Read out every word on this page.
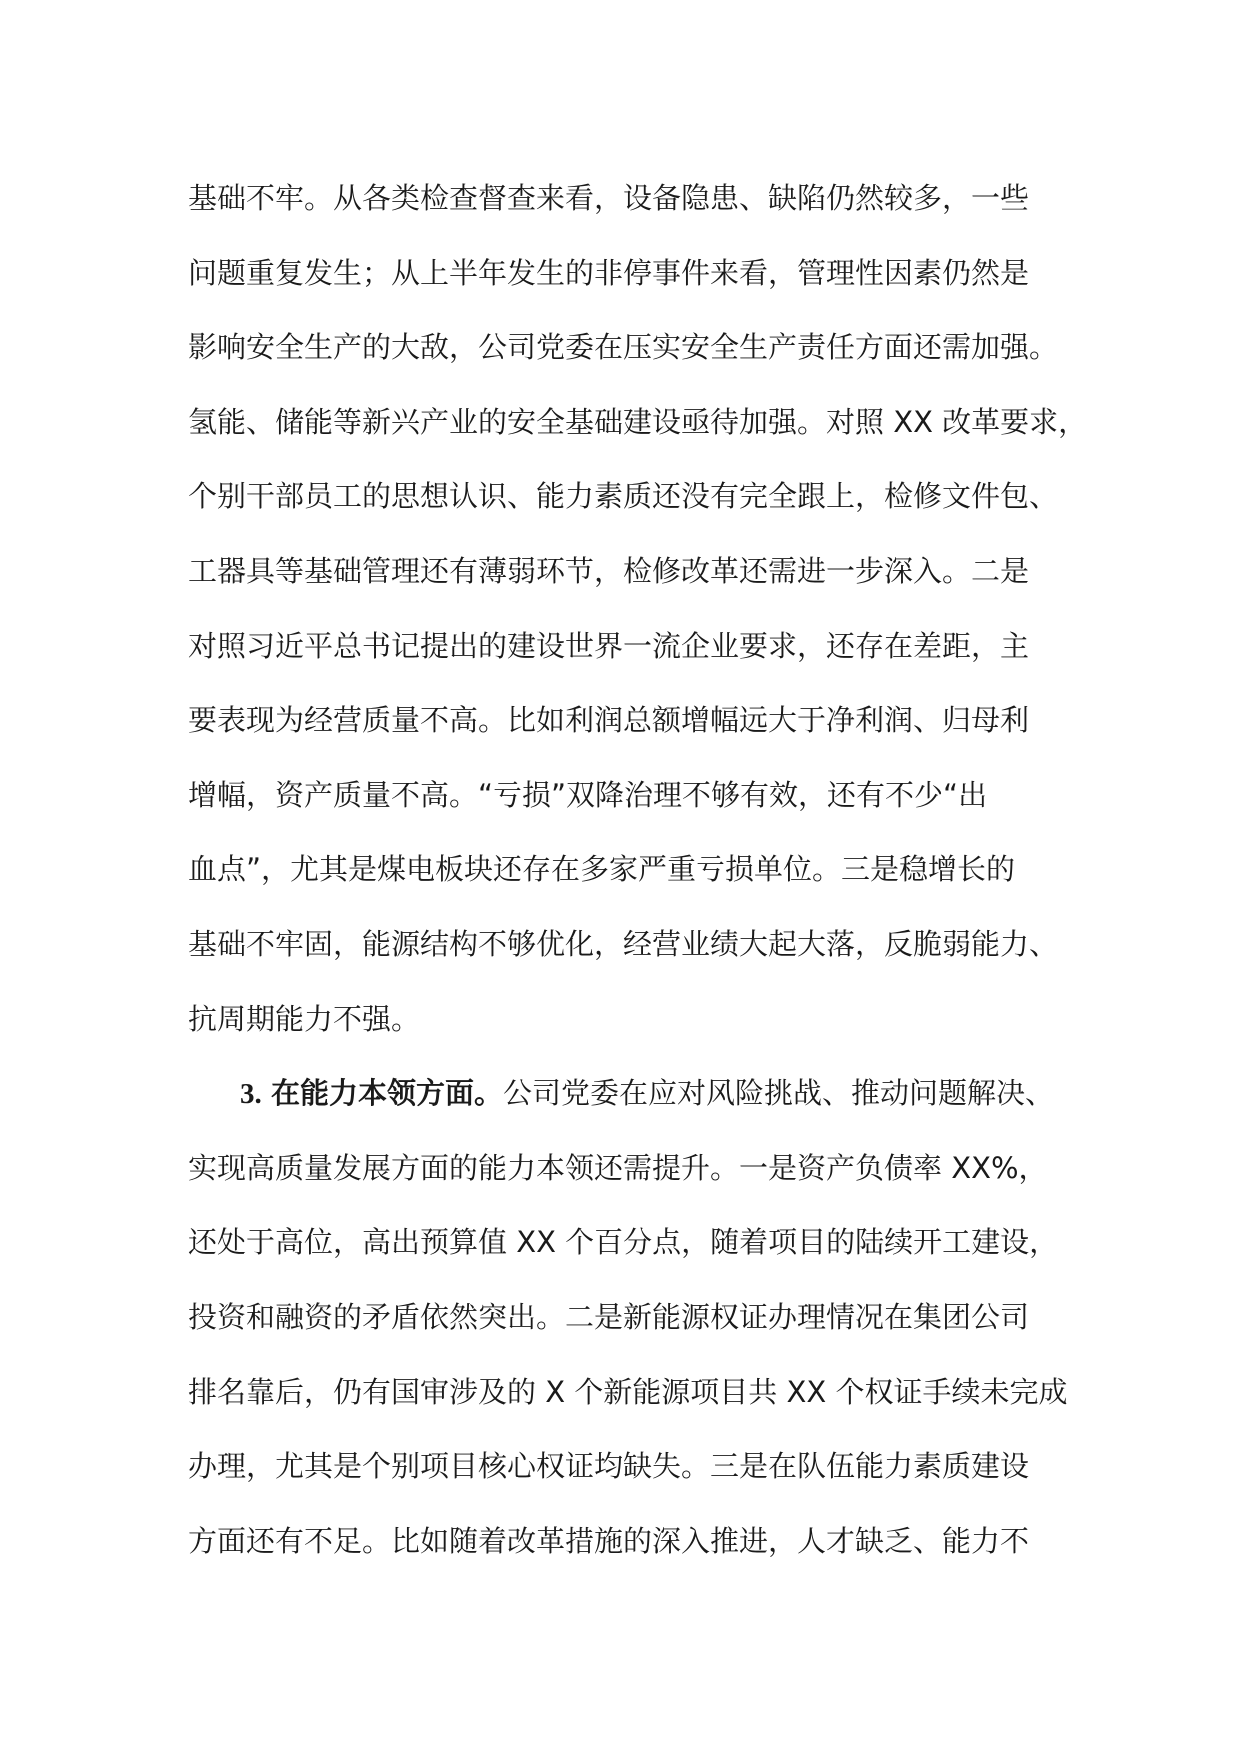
基础不牢。从各类检查督查来看，设备隐患、缺陷仍然较多，一些
问题重复发生；从上半年发生的非停事件来看，管理性因素仍然是
影响安全生产的大敌，公司党委在压实安全生产责任方面还需加强。
氢能、储能等新兴产业的安全基础建设亟待加强。对照 XX 改革要求，
个别干部员工的思想认识、能力素质还没有完全跟上，检修文件包、
工器具等基础管理还有薄弱环节，检修改革还需进一步深入。二是
对照习近平总书记提出的建设世界一流企业要求，还存在差距，主
要表现为经营质量不高。比如利润总额增幅远大于净利润、归母利
增幅，资产质量不高。“亏损”双降治理不够有效，还有不少“出
血点”，尤其是煤电板块还存在多家严重亏损单位。三是稳增长的
基础不牢固，能源结构不够优化，经营业绩大起大落，反脆弱能力、
抗周期能力不强。
3. 在能力本领方面。公司党委在应对风险挑战、推动问题解决、
实现高质量发展方面的能力本领还需提升。一是资产负债率 XX%，
还处于高位，高出预算值 XX 个百分点，随着项目的陆续开工建设，
投资和融资的矛盾依然突出。二是新能源权证办理情况在集团公司
排名靠后，仍有国审涉及的 X 个新能源项目共 XX 个权证手续未完成
办理，尤其是个别项目核心权证均缺失。三是在队伍能力素质建设
方面还有不足。比如随着改革措施的深入推进，人才缺乏、能力不
